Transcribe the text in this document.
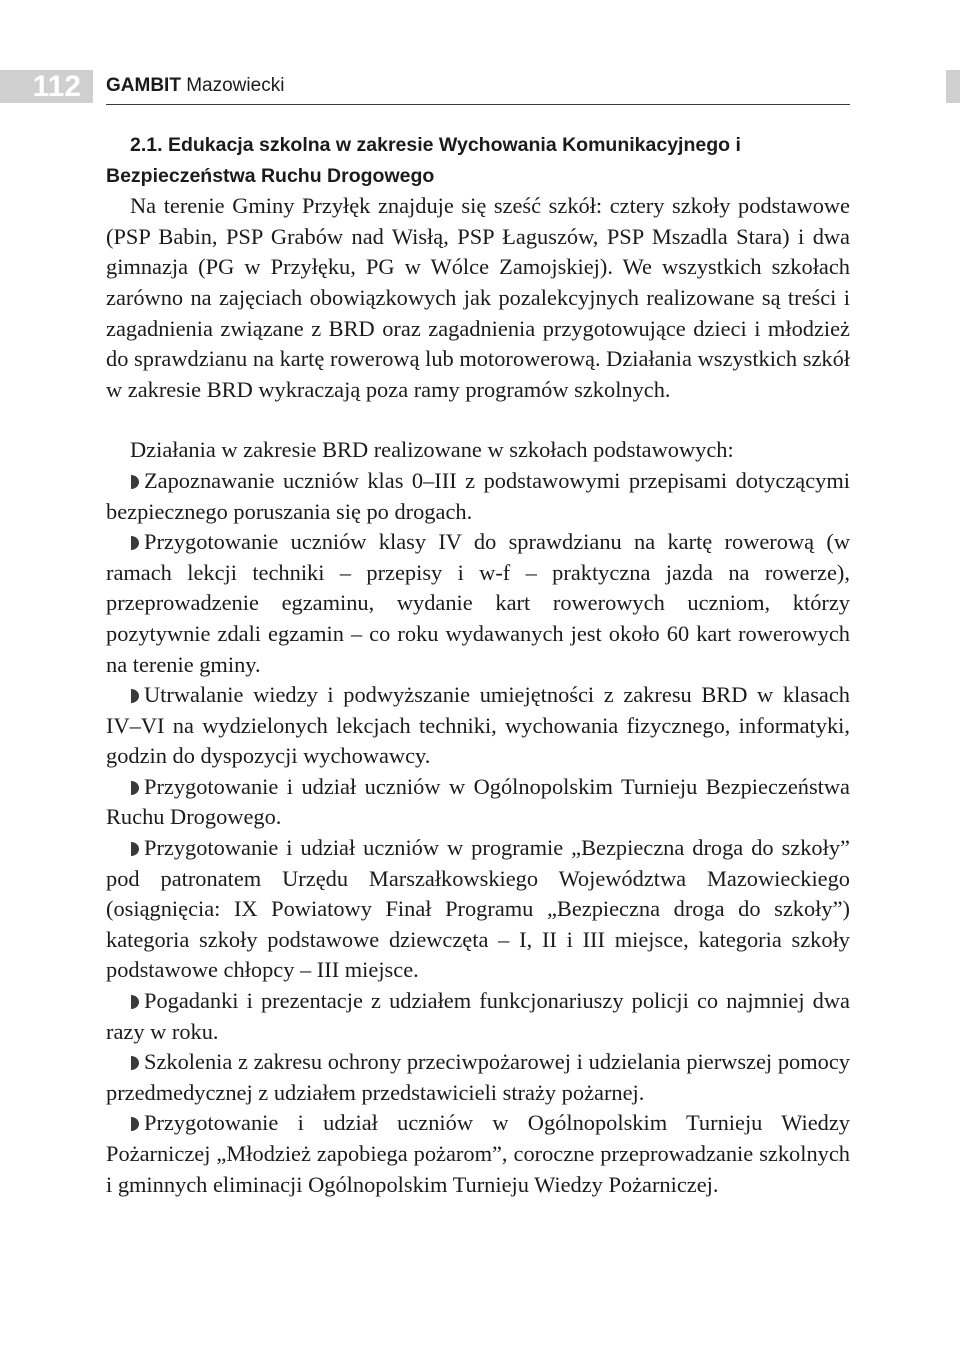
112	GAMBIT Mazowiecki
2.1. Edukacja szkolna w zakresie Wychowania Komunikacyjnego i Bezpieczeństwa Ruchu Drogowego

Na terenie Gminy Przyłęk znajduje się sześć szkół: cztery szkoły podstawowe (PSP Babin, PSP Grabów nad Wisłą, PSP Łaguszów, PSP Mszadla Stara) i dwa gimnazja (PG w Przyłęku, PG w Wólce Zamojskiej). We wszystkich szkołach zarówno na zajęciach obowiązkowych jak pozalekcyjnych realizowane są treści i zagadnienia związane z BRD oraz zagadnienia przygotowujące dzieci i młodzież do sprawdzianu na kartę rowerową lub motorowerową. Działania wszystkich szkół w zakresie BRD wykraczają poza ramy programów szkolnych.

Działania w zakresie BRD realizowane w szkołach podstawowych:

Zapoznawanie uczniów klas 0–III z podstawowymi przepisami dotyczącymi bezpiecznego poruszania się po drogach.

Przygotowanie uczniów klasy IV do sprawdzianu na kartę rowerową (w ramach lekcji techniki – przepisy i w-f – praktyczna jazda na rowerze), przeprowadzenie egzaminu, wydanie kart rowerowych uczniom, którzy pozytywnie zdali egzamin – co roku wydawanych jest około 60 kart rowerowych na terenie gminy.

Utrwalanie wiedzy i podwyższanie umiejętności z zakresu BRD w klasach IV–VI na wydzielonych lekcjach techniki, wychowania fizycznego, informatyki, godzin do dyspozycji wychowawcy.

Przygotowanie i udział uczniów w Ogólnopolskim Turnieju Bezpieczeństwa Ruchu Drogowego.

Przygotowanie i udział uczniów w programie „Bezpieczna droga do szkoły” pod patronatem Urzędu Marszałkowskiego Województwa Mazowieckiego (osiągnięcia: IX Powiatowy Finał Programu „Bezpieczna droga do szkoły”) kategoria szkoły podstawowe dziewczęta – I, II i III miejsce, kategoria szkoły podstawowe chłopcy – III miejsce.

Pogadanki i prezentacje z udziałem funkcjonariuszy policji co najmniej dwa razy w roku.

Szkolenia z zakresu ochrony przeciwpożarowej i udzielania pierwszej pomocy przedmedycznej z udziałem przedstawicieli straży pożarnej.

Przygotowanie i udział uczniów w Ogólnopolskim Turnieju Wiedzy Pożarniczej „Młodzież zapobiega pożarom”, coroczne przeprowadzanie szkolnych i gminnych eliminacji Ogólnopolskim Turnieju Wiedzy Pożarniczej.
